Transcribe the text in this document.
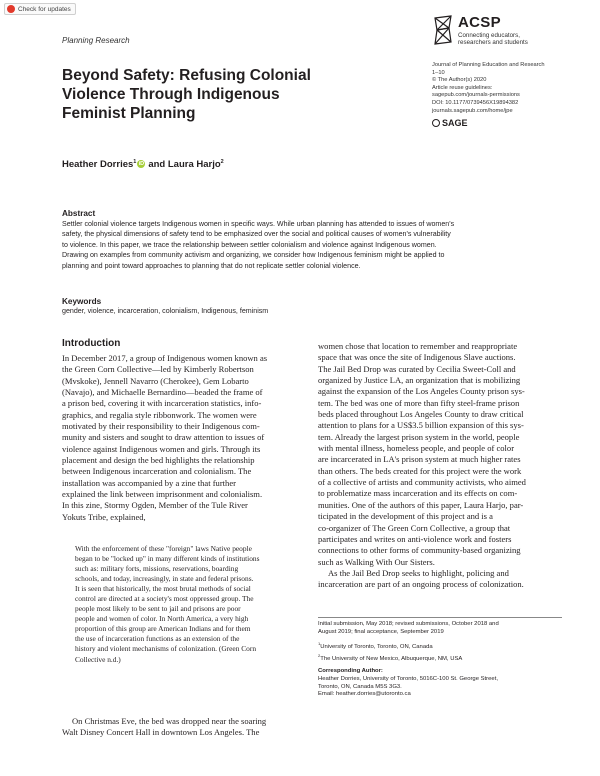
Check for updates
Planning Research
ACSP
Connecting educators,
researchers and students
Journal of Planning Education and Research
1–10
© The Author(s) 2020
Article reuse guidelines:
sagepub.com/journals-permissions
DOI: 10.1177/0739456X19894382
journals.sagepub.com/home/jpe
SAGE
Beyond Safety: Refusing Colonial
Violence Through Indigenous
Feminist Planning
Heather Dorries$^1$ iD and Laura Harjo$^2$
Abstract
Settler colonial violence targets Indigenous women in specific ways. While urban planning has attended to issues of women's
safety, the physical dimensions of safety tend to be emphasized over the social and political causes of women's vulnerability
to violence. In this paper, we trace the relationship between settler colonialism and violence against Indigenous women.
Drawing on examples from community activism and organizing, we consider how Indigenous feminism might be applied to
planning and point toward approaches to planning that do not replicate settler colonial violence.
Keywords
gender, violence, incarceration, colonialism, Indigenous, feminism
Introduction
In December 2017, a group of Indigenous women known as
the Green Corn Collective—led by Kimberly Robertson
(Mvskoke), Jennell Navarro (Cherokee), Gem Lobarto
(Navajo), and Michaelle Bernardino—beaded the frame of
a prison bed, covering it with incarceration statistics, info-
graphics, and regalia style ribbonwork. The women were
motivated by their responsibility to their Indigenous com-
munity and sisters and sought to draw attention to issues of
violence against Indigenous women and girls. Through its
placement and design the bed highlights the relationship
between Indigenous incarceration and colonialism. The
installation was accompanied by a zine that further
explained the link between imprisonment and colonialism.
In this zine, Stormy Ogden, Member of the Tule River
Yokuts Tribe, explained,
With the enforcement of these "foreign" laws Native people
began to be "locked up" in many different kinds of institutions
such as: military forts, missions, reservations, boarding
schools, and today, increasingly, in state and federal prisons.
It is seen that historically, the most brutal methods of social
control are directed at a society's most oppressed group. The
people most likely to be sent to jail and prisons are poor
people and women of color. In North America, a very high
proportion of this group are American Indians and for them
the use of incarceration functions as an extension of the
history and violent mechanisms of colonization. (Green Corn
Collective n.d.)
On Christmas Eve, the bed was dropped near the soaring
Walt Disney Concert Hall in downtown Los Angeles. The
women chose that location to remember and reappropriate
space that was once the site of Indigenous Slave auctions.
The Jail Bed Drop was curated by Cecilia Sweet-Coll and
organized by Justice LA, an organization that is mobilizing
against the expansion of the Los Angeles County prison sys-
tem. The bed was one of more than fifty steel-frame prison
beds placed throughout Los Angeles County to draw critical
attention to plans for a US$3.5 billion expansion of this sys-
tem. Already the largest prison system in the world, people
with mental illness, homeless people, and people of color
are incarcerated in LA's prison system at much higher rates
than others. The beds created for this project were the work
of a collective of artists and community activists, who aimed
to problematize mass incarceration and its effects on com-
munities. One of the authors of this paper, Laura Harjo, par-
ticipated in the development of this project and is a
co-organizer of The Green Corn Collective, a group that
participates and writes on anti-violence work and fosters
connections to other forms of community-based organizing
such as Walking With Our Sisters.
As the Jail Bed Drop seeks to highlight, policing and
incarceration are part of an ongoing process of colonization.
Initial submission, May 2018; revised submissions, October 2018 and
August 2019; final acceptance, September 2019
$^1$University of Toronto, Toronto, ON, Canada
$^2$The University of New Mexico, Albuquerque, NM, USA
Corresponding Author:
Heather Dorries, University of Toronto, 5016C-100 St. George Street,
Toronto, ON, Canada M5S 3G3.
Email: heather.dorries@utoronto.ca
